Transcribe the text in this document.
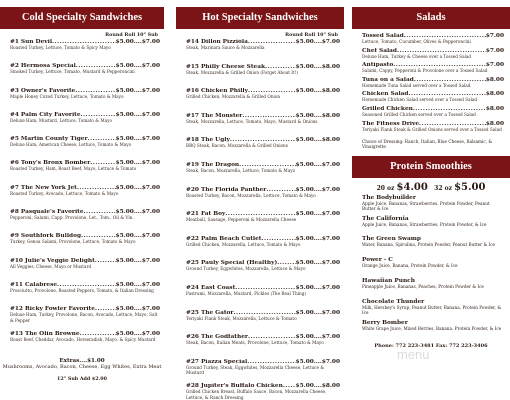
Cold Specialty Sandwiches
Round Roll 10" Sub
#1 Sun Devil .....	$5.00....$7.00
Roasted Turkey, Lettuce, Tomato & Spicy Mayo
#2 Hermosa Special .....	$5.00....$7.00
Smoked Turkey, Lettuce, Tomato, Mustard & Pepperoncini
#3 Owner's Favorite .....	$5.00....$7.00
Maple Honey Cured Turkey, Lettuce, Tomato & Mayo
#4 Palm City Favorite .....	$5.00....$7.00
Deluxe Ham, Mustard, Lettuce, Tomato & Mayo
#5 Martin County Tiger .....	$5.00....$7.00
Deluxe Ham, American Cheese, Lettuce, Tomato & Mayo
#6 Tony's Bronx Bomber .....	$5.00....$7.00
Roasted Turkey, Ham, Roast Beef, Mayo, Lettuce & Tomato
#7 The New York Jet .....	$5.00....$7.00
Roasted Turkey, Avocado, Lettuce, Tomato & Mayo
#8 Pasquale's Favorite .....	$5.00....$7.00
Pepperoni, Salami, Capp. Provolone, Let., Tom., Oil & Vin.
#9 Southfork Bulldog .....	$5.00....$7.00
Turkey, Genoa Salami, Provolone, Lettuce, Tomato & Mayo
#10 Julie's Veggie Delight .....	$5.00....$7.00
All Veggies, Cheese, Mayo or Mustard
#11 Calabrese .....	$5.00....$7.00
Prosciutto, Provolone, Roasted Peppers, Tomato, & Italian Dressing
#12 Ricky Fowler Favorite .....	$5.00....$7.00
Deluxe Ham, Turkey, Provolone, Bacon, Avocado, Lettuce, Mayo, Salt & Pepper
#13 The Olin Browne .....	$5.00....$7.00
Roast Beef, Cheddar, Avocado, Horseradish, Mayo, & Spicy Mustard
Extras....$1.00
Mushrooms, Avocado, Bacon, Cheese, Egg Whites, Extra Meat
12" Sub Add $2.00
Hot Specialty Sandwiches
Round Roll 10" Sub
#14 Dillon Pizzióla .....	$5.00....$7.00
Steak, Marinara Sauce & Mozzarella
#15 Philly Cheese Steak .....	$5.00....$8.00
Steak, Mozzarella & Grilled Onion (Forget About It!)
#16 Chicken Philly .....	$5.00....$8.00
Grilled Chicken, Mozzarella & Grilled Onion
#17 The Monster .....	$5.00....$8.00
Steak, Mozzarella, Lettuce, Tomato, Mayo, Mustard & Onions
#18 The Ugly .....	$5.00....$8.00
BBQ Steak, Bacon, Mozzarella & Grilled Onions
#19 The Dragon .....	$5.00....$7.00
Steak, Bacon, Mozzarella, Lettuce, Tomato & Mayo
#20 The Florida Panther .....	$5.00....$7.00
Roasted Turkey, Bacon, Mozzarella, Lettuce, Tomato & Mayo
#21 Fat Boy .....	$5.00....$7.00
Meatball, Sausage, Pepperoni & Mozzarella Cheese
#22 Palm Beach Cutlet .....	$5.00....$7.00
Grilled Chicken, Mozzarella, Lettuce, Tomato & Mayo
#25 Pauly Special (Healthy) .....	$5.00....$7.00
Ground Turkey, Eggwhites, Mozzarella, Lettuce & Mayo
#24 East Coast .....	$5.00....$7.00
Pastrami, Mozzarella, Mustard, Pickles (The Real Thing)
#25 The Gator .....	$5.00....$7.00
Teriyaki Flank Steak, Mozzarella, Lettuce & Tomato
#26 The Godfather .....	$5.00....$7.00
Steak, Bacon, Italian Meats, Provolone, Lettuce, Tomato & Mayo
#27 Piazza Special .....	$5.00....$7.00
Ground Turkey, Steak, Eggwhites, Mozzarella Cheese, Lettuce & Mustard
#28 Jupiter's Buffalo Chicken ..... $5.00....$8.00
Grilled Chicken Breast, Buffalo Sauce, Bacon, Mozzarella Cheese, Lettuce, & Ranch Dressing
Salads
Tossed Salad .....	$7.00
Lettuce, Tomato, Cucumber, Olives & Pepperoncini
Chef Salad .....	$7.00
Deluxe Ham, Turkey & Cheese over a Tossed Salad
Antipasto .....	$7.00
Salami, Cappy, Pepperoni & Provolone over a Tossed Salad
Tuna on a Salad .....	$8.00
Homemade Tuna Salad served over a Tossed Salad
Chicken Salad .....	$8.00
Homemade Chicken Salad served over a Tossed Salad
Grilled Chicken .....	$8.00
Seasoned Grilled Chicken served over a Tossed Salad
The Fitness Drive .....	$8.00
Teriyaki Flank Steak & Grilled Onions served over a Tossed Salad
Choice of Dressing: Ranch, Italian, Blue Cheese, Balsamic, & Vinaigrette
Protein Smoothies
20 oz $4.00 32 oz $5.00
The Bodybuilder
Apple Juice, Bananas, Strawberries, Protein Powder, Peanut Butter & Ice
The California
Apple Juice, Bananas, Strawberries, Protein Powder, & Ice
The Green Swamp
Water, Banana, Spirulina, Protein Powder, Peanut Butter & Ice
Power - C
Orange Juice, Banana, Protein Powder, & Ice
Hawaiian Punch
Pineapple Juice, Bananas, Peaches, Protein Powder & Ice
Chocolate Thunder
Milk, Hershey's Syrup, Peanut Butter, Banana, Protein Powder, & Ice
Berry Bomber
White Grape Juice, Mixed Berries, Banana, Protein Powder, & Ice
Phone: 772 223-3481 Fax: 772 223-3406
menu
